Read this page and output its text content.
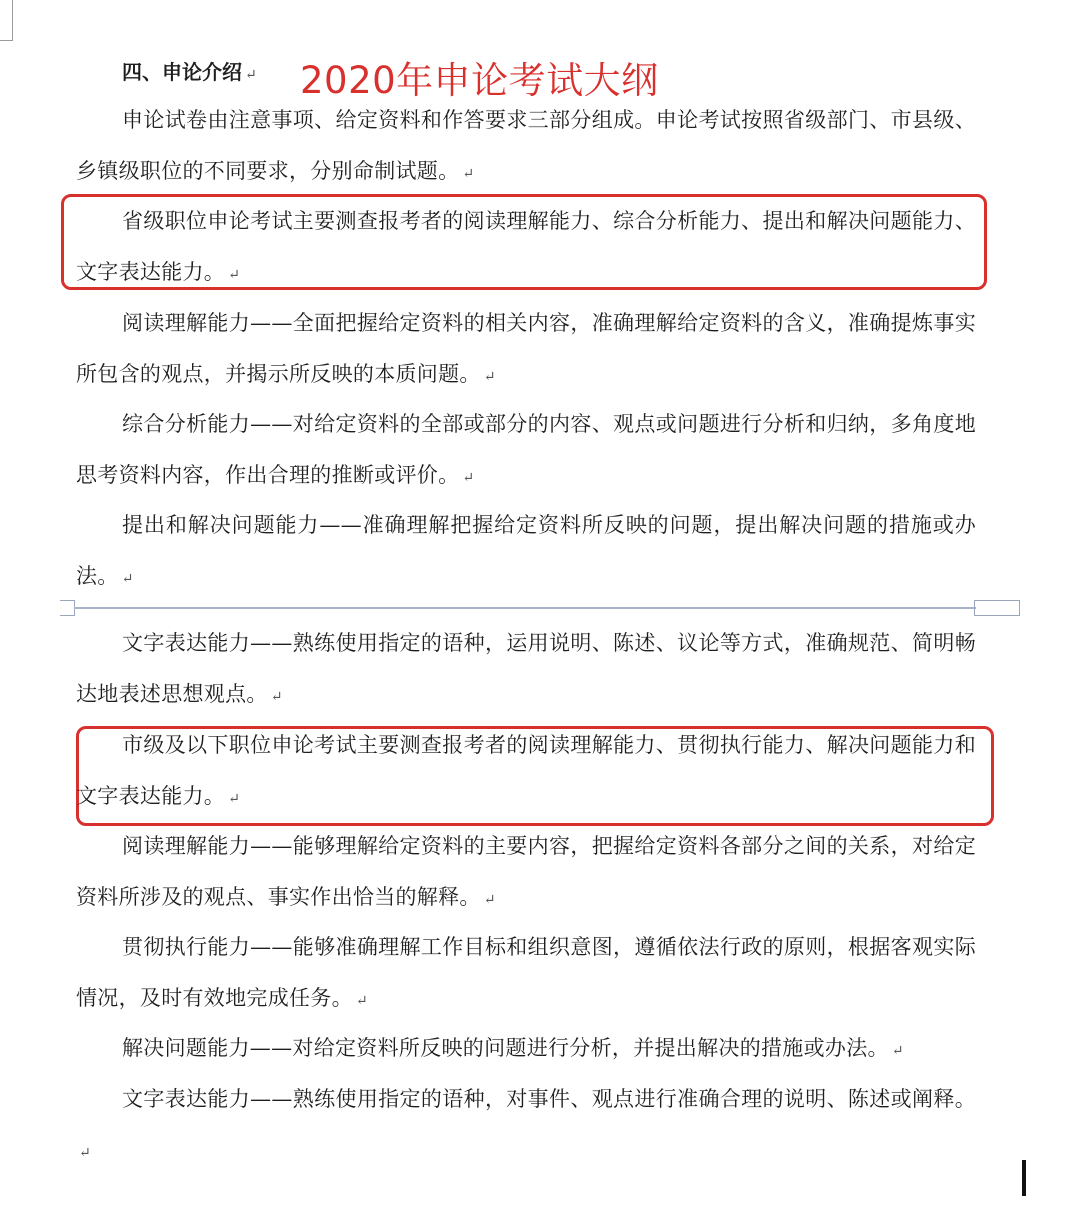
四、申论介绍 ↵ 2020年申论考试大纲

申论试卷由注意事项、给定资料和作答要求三部分组成。申论考试按照省级部门、市县级、乡镇级职位的不同要求，分别命制试题。 ↵

省级职位申论考试主要测查报考者的阅读理解能力、综合分析能力、提出和解决问题能力、文字表达能力。 ↵

阅读理解能力——全面把握给定资料的相关内容，准确理解给定资料的含义，准确提炼事实所包含的观点，并揭示所反映的本质问题。 ↵

综合分析能力——对给定资料的全部或部分的内容、观点或问题进行分析和归纳，多角度地思考资料内容，作出合理的推断或评价。 ↵

提出和解决问题能力——准确理解把握给定资料所反映的问题，提出解决问题的措施或办法。 ↵

文字表达能力——熟练使用指定的语种，运用说明、陈述、议论等方式，准确规范、简明畅达地表述思想观点。 ↵

市级及以下职位申论考试主要测查报考者的阅读理解能力、贯彻执行能力、解决问题能力和文字表达能力。 ↵

阅读理解能力——能够理解给定资料的主要内容，把握给定资料各部分之间的关系，对给定资料所涉及的观点、事实作出恰当的解释。 ↵

贯彻执行能力——能够准确理解工作目标和组织意图，遵循依法行政的原则，根据客观实际情况，及时有效地完成任务。 ↵

解决问题能力——对给定资料所反映的问题进行分析，并提出解决的措施或办法。 ↵

文字表达能力——熟练使用指定的语种，对事件、观点进行准确合理的说明、陈述或阐释。↵
